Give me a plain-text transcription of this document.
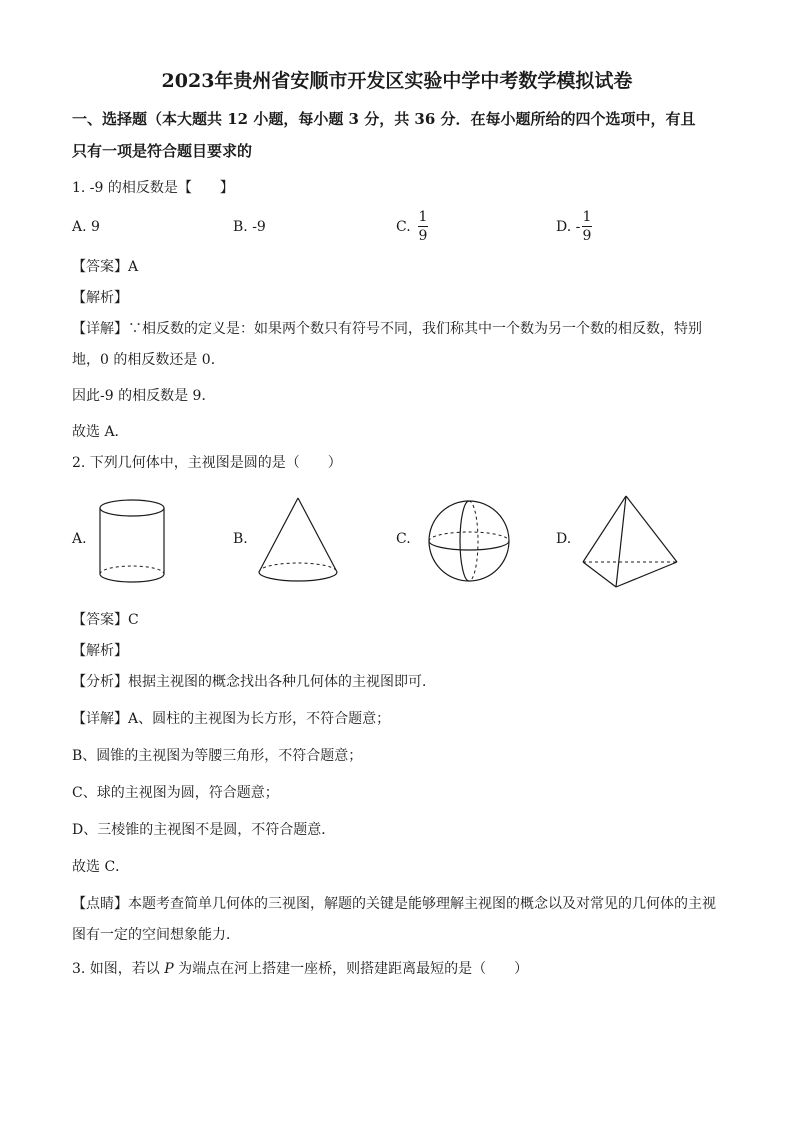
2023年贵州省安顺市开发区实验中学中考数学模拟试卷
一、选择题（本大题共 12 小题，每小题 3 分，共 36 分．在每小题所给的四个选项中，有且
只有一项是符合题目要求的
1. -9 的相反数是【　　】
A. 9	B. -9	C.
1
9
D. -
1
9
【答案】A
【解析】
【详解】∵相反数的定义是：如果两个数只有符号不同，我们称其中一个数为另一个数的相反数，特别
地，0 的相反数还是 0．
因此-9 的相反数是 9．
故选 A．
2. 下列几何体中，主视图是圆的是（　　）
A.	B.	C.	D.
【答案】C
【解析】
【分析】根据主视图的概念找出各种几何体的主视图即可．
【详解】A、圆柱的主视图为长方形，不符合题意；
B、圆锥的主视图为等腰三角形，不符合题意；
C、球的主视图为圆，符合题意；
D、三棱锥的主视图不是圆，不符合题意．
故选 C．
【点睛】本题考查简单几何体的三视图，解题的关键是能够理解主视图的概念以及对常见的几何体的主视
图有一定的空间想象能力．
3. 如图，若以 P 为端点在河上搭建一座桥，则搭建距离最短的是（　　）
